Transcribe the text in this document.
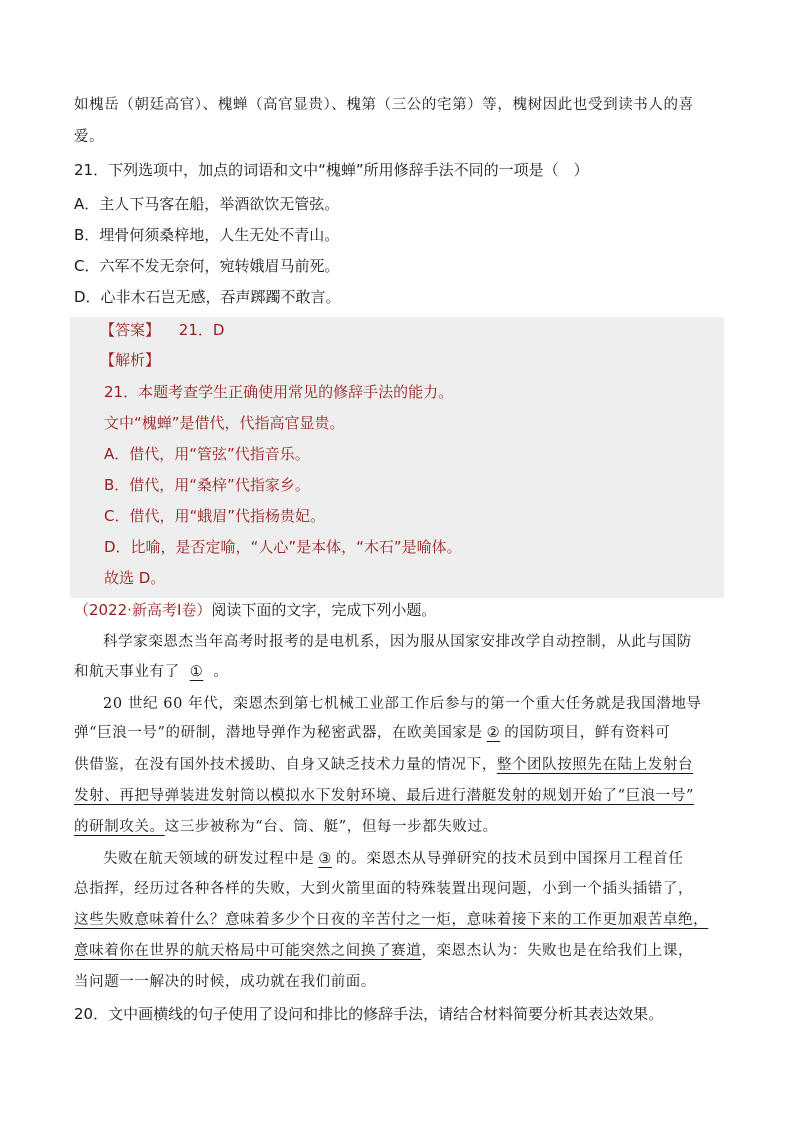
如槐岳（朝廷高官）、槐蝉（高官显贵）、槐第（三公的宅第）等，槐树因此也受到读书人的喜
爱。
21．下列选项中，加点的词语和文中“槐蝉”所用修辞手法不同的一项是（　）
A．主人下马客在船，举酒欲饮无管弦。
B．埋骨何须桑梓地，人生无处不青山。
C．六军不发无奈何，宛转娥眉马前死。
D．心非木石岂无感，吞声踯躅不敢言。
【答案】 21．D
【解析】
21．本题考查学生正确使用常见的修辞手法的能力。
文中“槐蝉”是借代，代指高官显贵。
A．借代，用“管弦”代指音乐。
B．借代，用“桑梓”代指家乡。
C．借代，用“蛾眉”代指杨贵妃。
D．比喻，是否定喻，“人心”是本体，“木石”是喻体。
故选 D。
（2022·新高考Ⅰ卷）阅读下面的文字，完成下列小题。
科学家栾恩杰当年高考时报考的是电机系，因为服从国家安排改学自动控制，从此与国防
和航天事业有了 ① 。
20 世纪 60 年代，栾恩杰到第七机械工业部工作后参与的第一个重大任务就是我国潜地导
弹“巨浪一号”的研制，潜地导弹作为秘密武器，在欧美国家是 ② 的国防项目，鲜有资料可
供借鉴，在没有国外技术援助、自身又缺乏技术力量的情况下，整个团队按照先在陆上发射台
发射、再把导弹装进发射筒以模拟水下发射环境、最后进行潜艇发射的规划开始了“巨浪一号”
的研制攻关。这三步被称为“台、筒、艇”，但每一步都失败过。
失败在航天领域的研发过程中是 ③ 的。栾恩杰从导弹研究的技术员到中国探月工程首任
总指挥，经历过各种各样的失败，大到火箭里面的特殊装置出现问题，小到一个插头插错了，
这些失败意味着什么？意味着多少个日夜的辛苦付之一炬，意味着接下来的工作更加艰苦卓绝，
意味着你在世界的航天格局中可能突然之间换了赛道，栾恩杰认为：失败也是在给我们上课，
当问题一一解决的时候，成功就在我们前面。
20．文中画横线的句子使用了设问和排比的修辞手法，请结合材料简要分析其表达效果。
